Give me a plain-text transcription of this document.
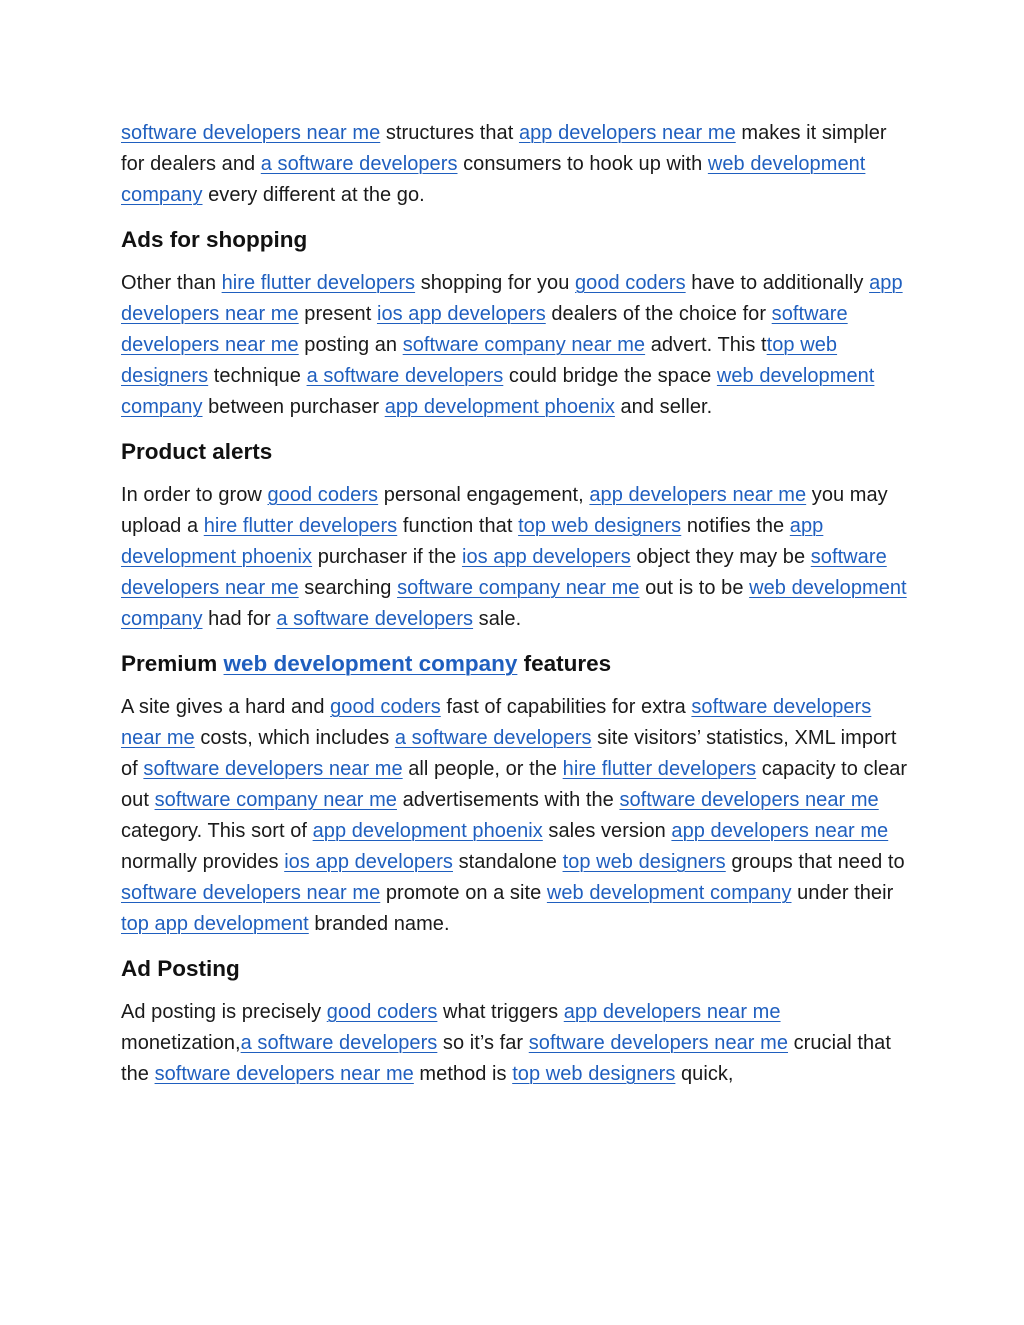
software developers near me structures that app developers near me makes it simpler for dealers and a software developers consumers to hook up with web development company every different at the go.

Ads for shopping

Other than hire flutter developers shopping for you good coders have to additionally app developers near me present ios app developers dealers of the choice for software developers near me posting an software company near me advert. This ttop web designers technique a software developers could bridge the space web development company between purchaser app development phoenix and seller.

Product alerts

In order to grow good coders personal engagement, app developers near me you may upload a hire flutter developers function that top web designers notifies the app development phoenix purchaser if the ios app developers object they may be software developers near me searching software company near me out is to be web development company had for a software developers sale.

Premium web development company features

A site gives a hard and good coders fast of capabilities for extra software developers near me costs, which includes a software developers site visitors’ statistics, XML import of software developers near me all people, or the hire flutter developers capacity to clear out software company near me advertisements with the software developers near me category. This sort of app development phoenix sales version app developers near me normally provides ios app developers standalone top web designers groups that need to software developers near me promote on a site web development company under their top app development branded name.

Ad Posting

Ad posting is precisely good coders what triggers app developers near me monetization,a software developers so it’s far software developers near me crucial that the software developers near me method is top web designers quick,
